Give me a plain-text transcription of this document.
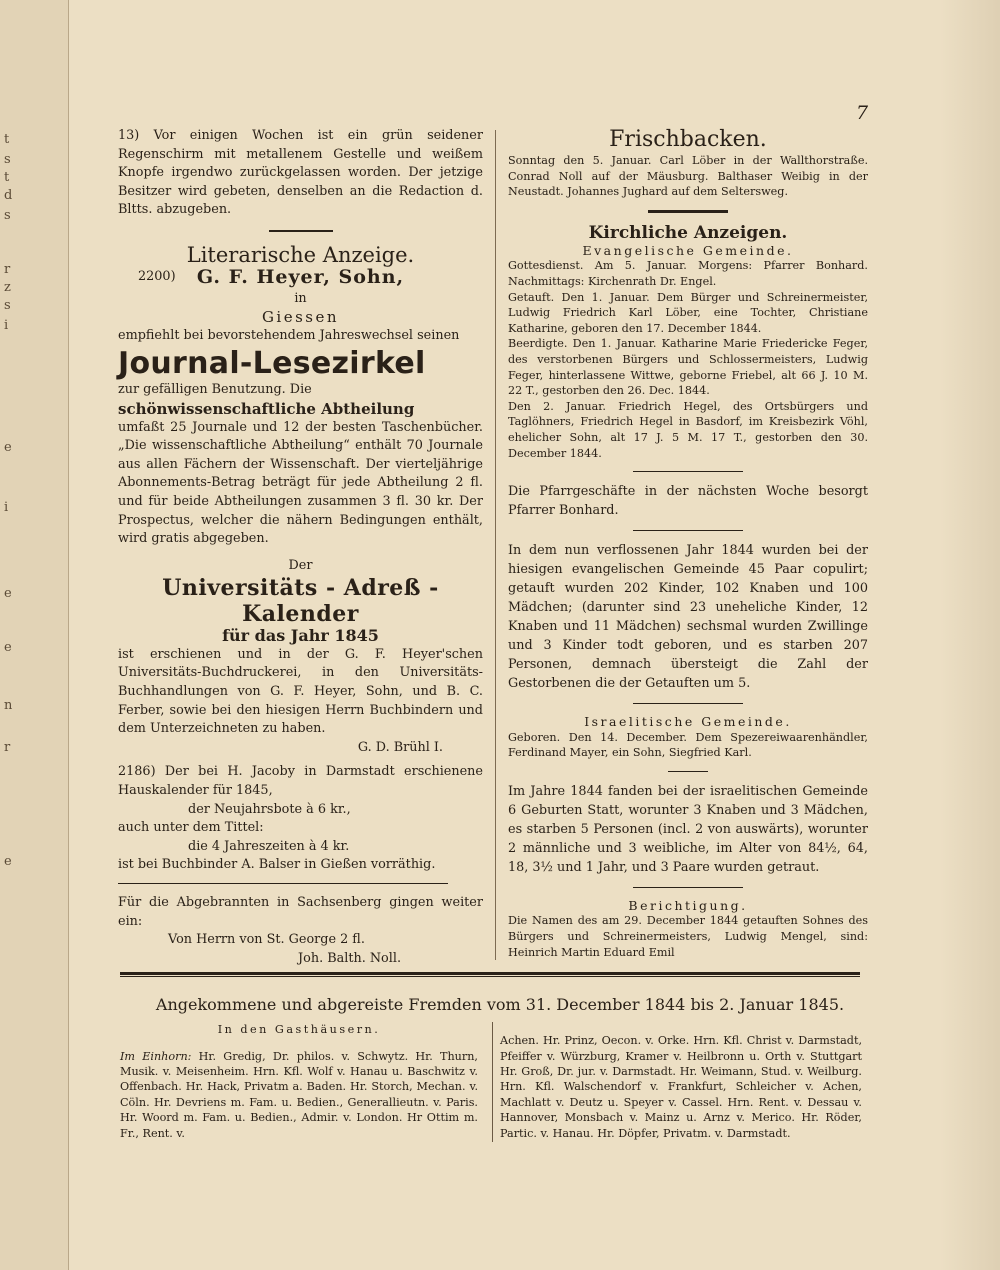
t
s
t
d
s
r
z
s
i
e
i
e
e
n
r
e
7

13) Vor einigen Wochen ist ein grün seidener Regenschirm mit metallenem Gestelle und weißem Knopfe irgendwo zurückgelassen worden. Der jetzige Besitzer wird gebeten, denselben an die Redaction d. Bltts. abzugeben.

Literarische Anzeige.
2200) G. F. Heyer, Sohn,
in
Giessen

empfiehlt bei bevorstehendem Jahreswechsel seinen

Journal-Lesezirkel

zur gefälligen Benutzung. Die

schönwissenschaftliche Abtheilung

umfaßt 25 Journale und 12 der besten Taschenbücher. „Die wissenschaftliche Abtheilung“ enthält 70 Journale aus allen Fächern der Wissenschaft. Der vierteljährige Abonnements-Betrag beträgt für jede Abtheilung 2 fl. und für beide Abtheilungen zusammen 3 fl. 30 kr. Der Prospectus, welcher die nähern Bedingungen enthält, wird gratis abgegeben.

Der
Universitäts - Adreß - Kalender
für das Jahr 1845

ist erschienen und in der G. F. Heyer'schen Universitäts-Buchdruckerei, in den Universitäts-Buchhandlungen von G. F. Heyer, Sohn, und B. C. Ferber, sowie bei den hiesigen Herrn Buchbindern und dem Unterzeichneten zu haben.

G. D. Brühl I.

2186) Der bei H. Jacoby in Darmstadt erschienene Hauskalender für 1845,

der Neujahrsbote à 6 kr.,
auch unter dem Tittel:
die 4 Jahreszeiten à 4 kr.
ist bei Buchbinder A. Balser in Gießen vorräthig.

Für die Abgebrannten in Sachsenberg gingen weiter ein:

Von Herrn von St. George 2 fl.
Joh. Balth. Noll.
Frischbacken.

Sonntag den 5. Januar. Carl Löber in der Wallthorstraße. Conrad Noll auf der Mäusburg. Balthaser Weibig in der Neustadt. Johannes Jughard auf dem Seltersweg.

Kirchliche Anzeigen.
Evangelische Gemeinde.

Gottesdienst. Am 5. Januar. Morgens: Pfarrer Bonhard. Nachmittags: Kirchenrath Dr. Engel.

Getauft. Den 1. Januar. Dem Bürger und Schreinermeister, Ludwig Friedrich Karl Löber, eine Tochter, Christiane Katharine, geboren den 17. December 1844.

Beerdigte. Den 1. Januar. Katharine Marie Friedericke Feger, des verstorbenen Bürgers und Schlossermeisters, Ludwig Feger, hinterlassene Wittwe, geborne Friebel, alt 66 J. 10 M. 22 T., gestorben den 26. Dec. 1844.

Den 2. Januar. Friedrich Hegel, des Ortsbürgers und Taglöhners, Friedrich Hegel in Basdorf, im Kreisbezirk Vöhl, ehelicher Sohn, alt 17 J. 5 M. 17 T., gestorben den 30. December 1844.

Die Pfarrgeschäfte in der nächsten Woche besorgt Pfarrer Bonhard.

In dem nun verflossenen Jahr 1844 wurden bei der hiesigen evangelischen Gemeinde 45 Paar copulirt; getauft wurden 202 Kinder, 102 Knaben und 100 Mädchen; (darunter sind 23 uneheliche Kinder, 12 Knaben und 11 Mädchen) sechsmal wurden Zwillinge und 3 Kinder todt geboren, und es starben 207 Personen, demnach übersteigt die Zahl der Gestorbenen die der Getauften um 5.

Israelitische Gemeinde.

Geboren. Den 14. December. Dem Spezereiwaarenhändler, Ferdinand Mayer, ein Sohn, Siegfried Karl.

Im Jahre 1844 fanden bei der israelitischen Gemeinde 6 Geburten Statt, worunter 3 Knaben und 3 Mädchen, es starben 5 Personen (incl. 2 von auswärts), worunter 2 männliche und 3 weibliche, im Alter von 84½, 64, 18, 3½ und 1 Jahr, und 3 Paare wurden getraut.

Berichtigung.

Die Namen des am 29. December 1844 getauften Sohnes des Bürgers und Schreinermeisters, Ludwig Mengel, sind: Heinrich Martin Eduard Emil

Angekommene und abgereiste Fremden vom 31. December 1844 bis 2. Januar 1845.
In den Gasthäusern.

Im Einhorn: Hr. Gredig, Dr. philos. v. Schwytz. Hr. Thurn, Musik. v. Meisenheim. Hrn. Kfl. Wolf v. Hanau u. Baschwitz v. Offenbach. Hr. Hack, Privatm a. Baden. Hr. Storch, Mechan. v. Cöln. Hr. Devriens m. Fam. u. Bedien., Generallieutn. v. Paris. Hr. Woord m. Fam. u. Bedien., Admir. v. London. Hr Ottim m. Fr., Rent. v.

Achen. Hr. Prinz, Oecon. v. Orke. Hrn. Kfl. Christ v. Darmstadt, Pfeiffer v. Würzburg, Kramer v. Heilbronn u. Orth v. Stuttgart Hr. Groß, Dr. jur. v. Darmstadt. Hr. Weimann, Stud. v. Weilburg. Hrn. Kfl. Walschendorf v. Frankfurt, Schleicher v. Achen, Machlatt v. Deutz u. Speyer v. Cassel. Hrn. Rent. v. Dessau v. Hannover, Monsbach v. Mainz u. Arnz v. Merico. Hr. Röder, Partic. v. Hanau. Hr. Döpfer, Privatm. v. Darmstadt.
